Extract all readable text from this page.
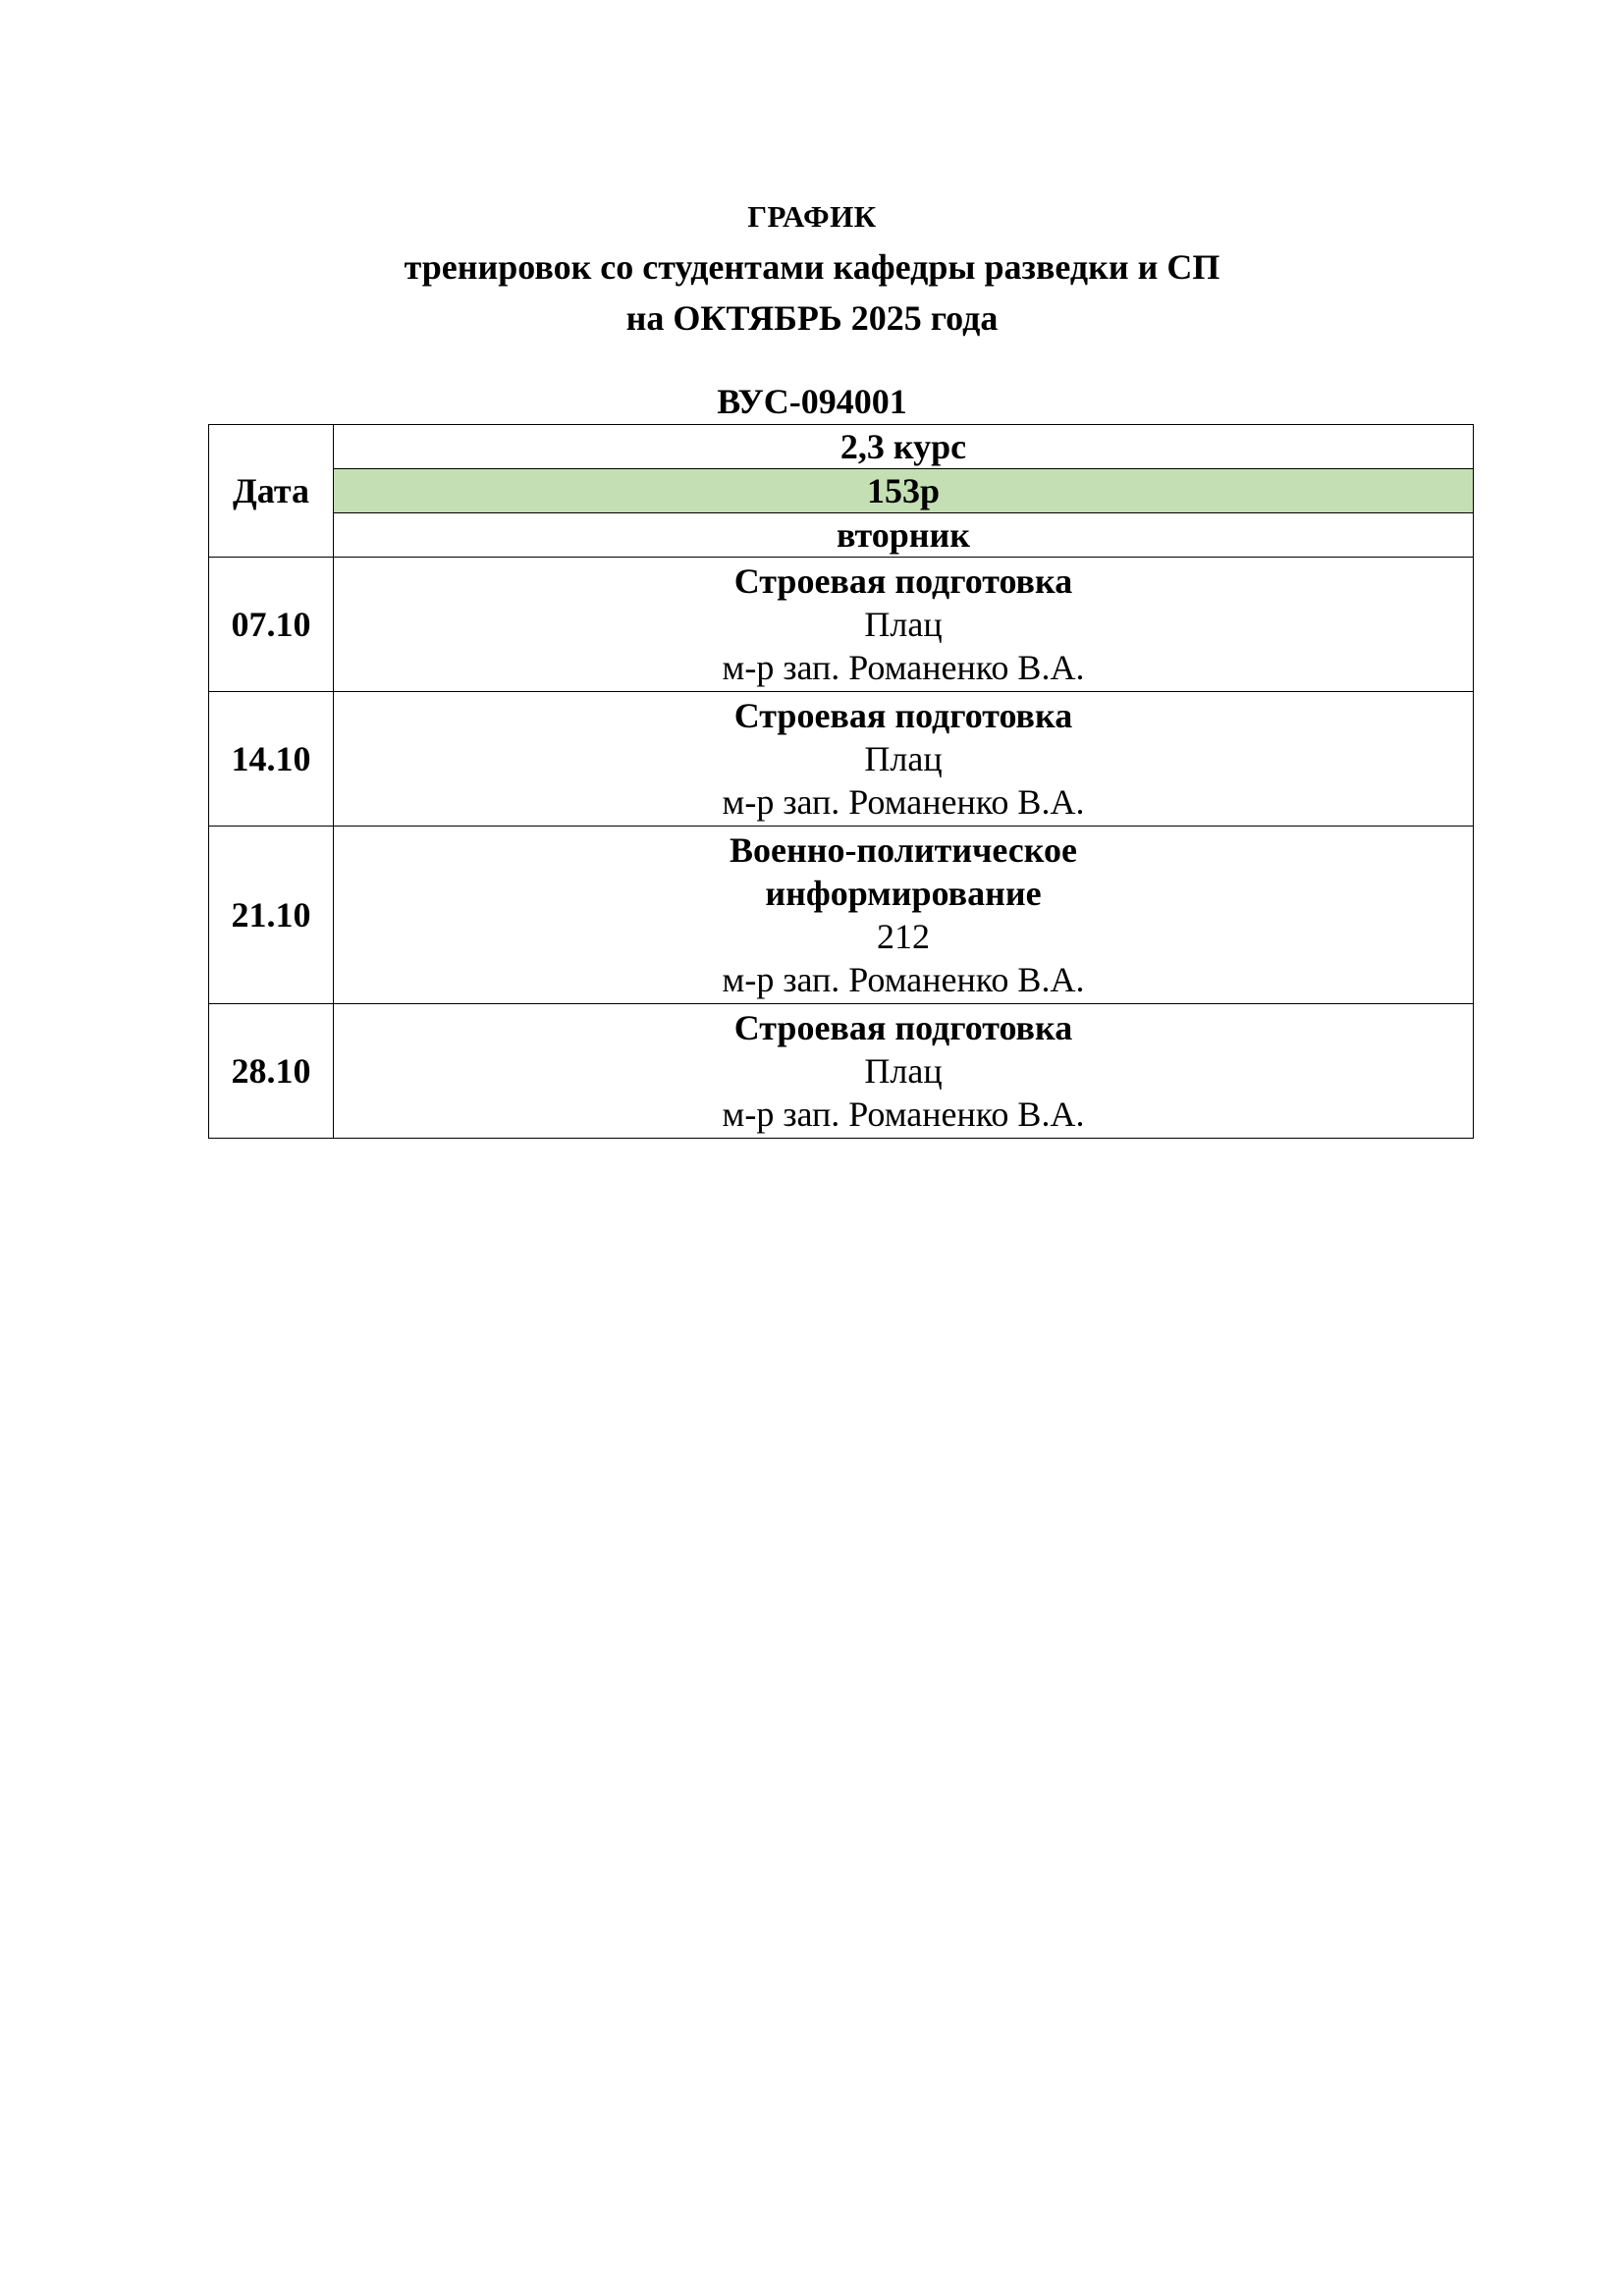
ГРАФИК
тренировок со студентами кафедры разведки и СП
на ОКТЯБРЬ 2025 года
ВУС-094001
Дата	2,3 курс
	153р
	вторник
07.10	Строевая подготовка
Плац
м-р зап. Романенко В.А.

14.10	Строевая подготовка
Плац
м-р зап. Романенко В.А.

21.10	Военно-политическое
информирование
212
м-р зап. Романенко В.А.

28.10	Строевая подготовка
Плац
м-р зап. Романенко В.А.
